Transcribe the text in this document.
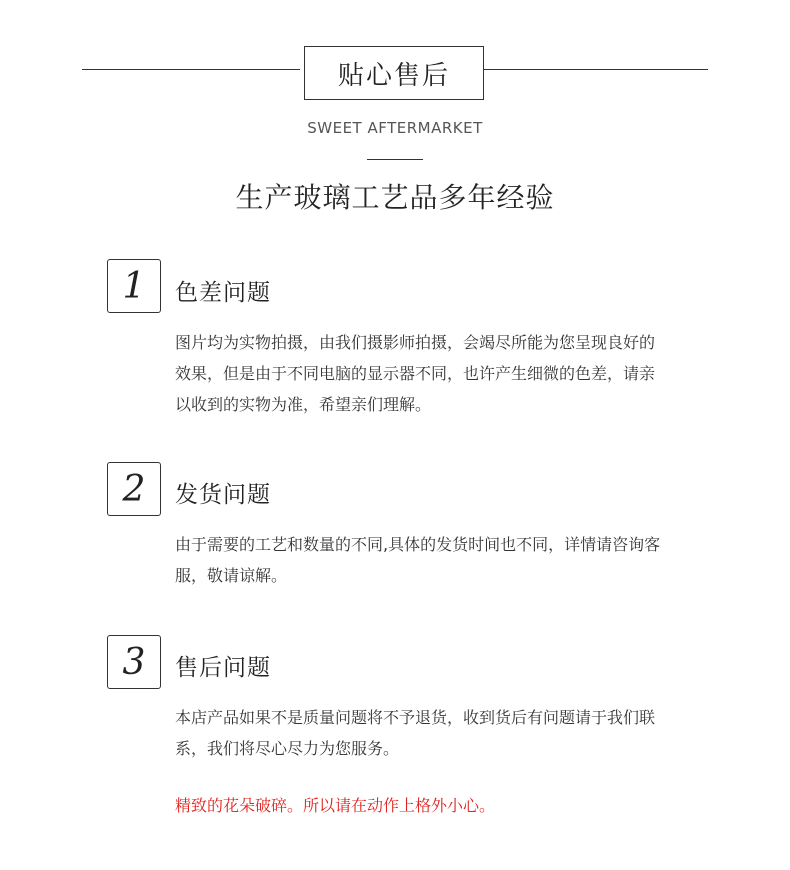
贴心售后
SWEET AFTERMARKET
生产玻璃工艺品多年经验
1	色差问题
图片均为实物拍摄，由我们摄影师拍摄，会竭尽所能为您呈现良好的效果，但是由于不同电脑的显示器不同，也许产生细微的色差，请亲以收到的实物为准，希望亲们理解。
2	发货问题
由于需要的工艺和数量的不同,具体的发货时间也不同，详情请咨询客服，敬请谅解。
3	售后问题
本店产品如果不是质量问题将不予退货，收到货后有问题请于我们联系，我们将尽心尽力为您服务。
精致的花朵破碎。所以请在动作上格外小心。
